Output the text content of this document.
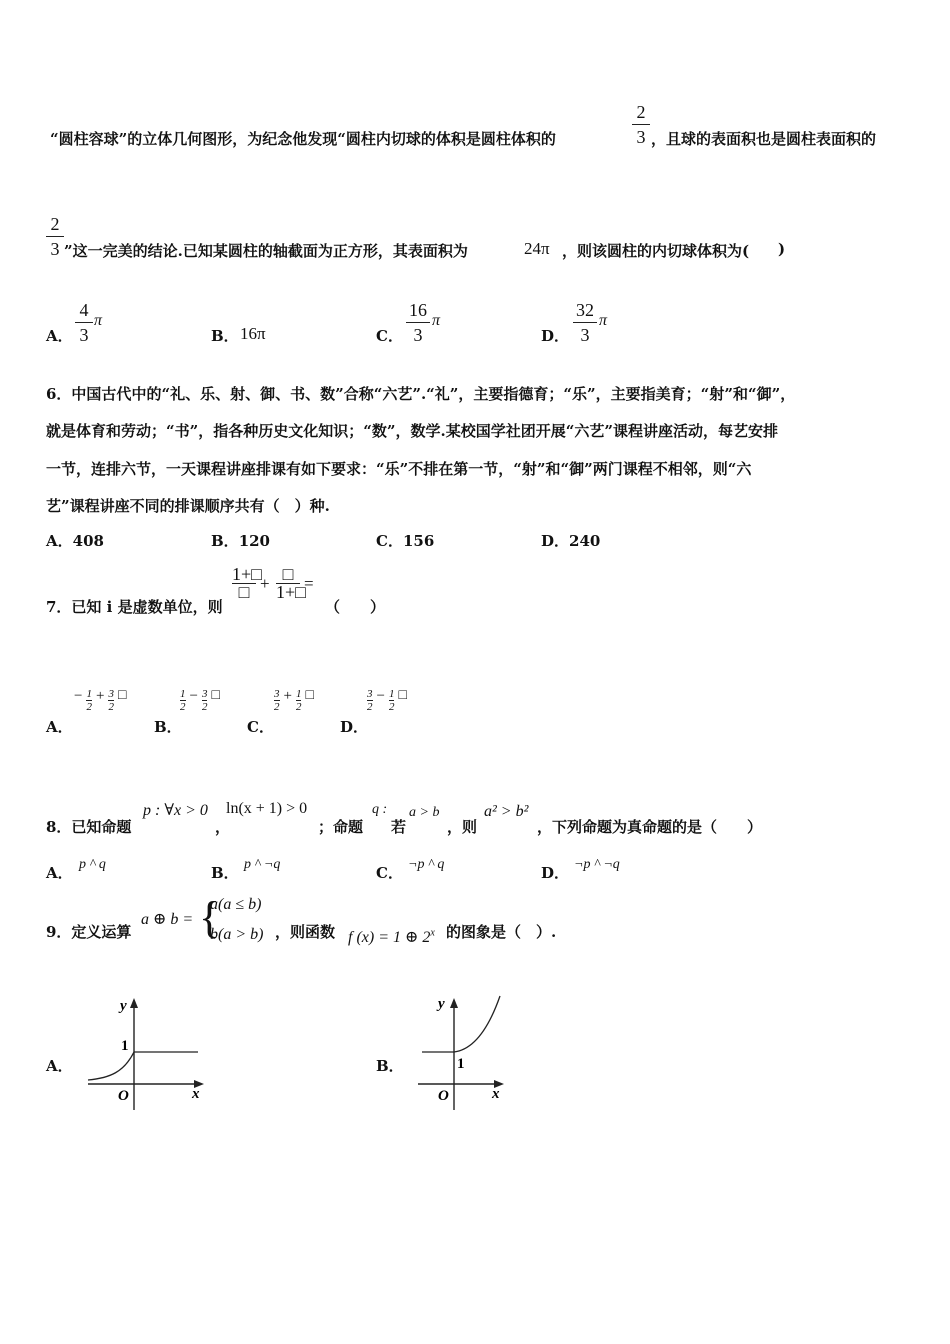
“圆柱容球”的立体几何图形，为纪念他发现“圆柱内切球的体积是圆柱体积的
2
3 ，且球的表面积也是圆柱表面积的
2
3 ”这一完美的结论.已知某圆柱的轴截面为正方形，其表面积为	24π ，则该圆柱的内切球体积为( )
A．
4
3
π
B． 16π	C．
16
3
π
D．
32
3
π
6．中国古代中的“礼、乐、射、御、书、数”合称“六艺”.“礼”，主要指德育；“乐”，主要指美育；“射”和“御”，
就是体育和劳动；“书”，指各种历史文化知识；“数”，数学.某校国学社团开展“六艺”课程讲座活动，每艺安排
一节，连排六节，一天课程讲座排课有如下要求：“乐”不排在第一节，“射”和“御”两门课程不相邻，则“六
艺”课程讲座不同的排课顺序共有（　）种.
A．408	B．120	C．156	D．240
7．已知 i 是虚数单位，则
1+□
□ + □
1+□
=
（　　）
A．
− $\frac{1}{2} + \frac{3}{2}$ □
B．
$\frac{1}{2} - \frac{3}{2}$ □
C．
$\frac{3}{2} + \frac{1}{2}$ □
D．
$\frac{3}{2} - \frac{1}{2}$ □
8．已知命题
p : ∀x > 0
，
ln(x + 1) > 0
；命题
q :
若
a > b
，则
a² > b²
，下列命题为真命题的是（　　）
A． p ^ q	B． p ^ ¬q	C． ¬p ^ q	D． ¬p ^ ¬q
9．定义运算
a ⊕ b = {
a(a ≤ b)
b(a > b) ，则函数 f (x) = 1 ⊕ 2$^x$ 的图象是（　）.
A．
y
x
O
1
B．
y
x
O
1
